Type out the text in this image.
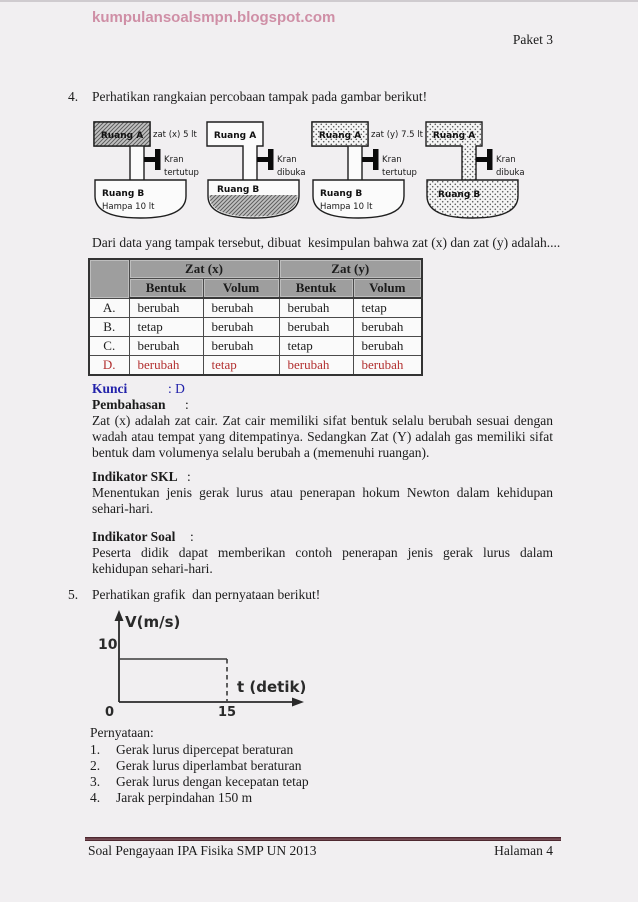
kumpulansoalsmpn.blogspot.com
Paket 3
4.	Perhatikan rangkaian percobaan tampak pada gambar berikut!
Ruang A zat (x) 5 lt
Kran
tertutup
Ruang B
Hampa 10 lt
Ruang A
Kran
dibuka
Ruang B
Ruang A zat (y) 7.5 lt
Kran
tertutup
Ruang B
Hampa 10 lt
Ruang A
Kran
dibuka
Ruang B
Dari data yang tampak tersebut, dibuat  kesimpulan bahwa zat (x) dan zat (y) adalah....
	Zat (x)		Zat (y)	
	Bentuk	Volum	Bentuk	Volum
A.	berubah	berubah	berubah	tetap
B.	tetap	berubah	berubah	berubah
C.	berubah	berubah	tetap	berubah
D.	berubah	tetap	berubah	berubah
Kunci	: D
Pembahasan :
Zat (x) adalah zat cair. Zat cair memiliki sifat bentuk selalu berubah sesuai dengan wadah atau tempat yang ditempatinya. Sedangkan Zat (Y) adalah gas memiliki sifat bentuk dam volumenya selalu berubah a (memenuhi ruangan).
Indikator SKL :
Menentukan jenis gerak lurus atau penerapan hokum Newton dalam kehidupan sehari-hari.
Indikator Soal :
Peserta didik dapat memberikan contoh penerapan jenis gerak lurus dalam kehidupan sehari-hari.
5.	Perhatikan grafik  dan pernyataan berikut!
V(m/s)
10
0	15
t (detik)
Pernyataan:
1.	Gerak lurus dipercepat beraturan
2.	Gerak lurus diperlambat beraturan
3.	Gerak lurus dengan kecepatan tetap
4.	Jarak perpindahan 150 m
Soal Pengayaan IPA Fisika SMP UN 2013	Halaman 4
